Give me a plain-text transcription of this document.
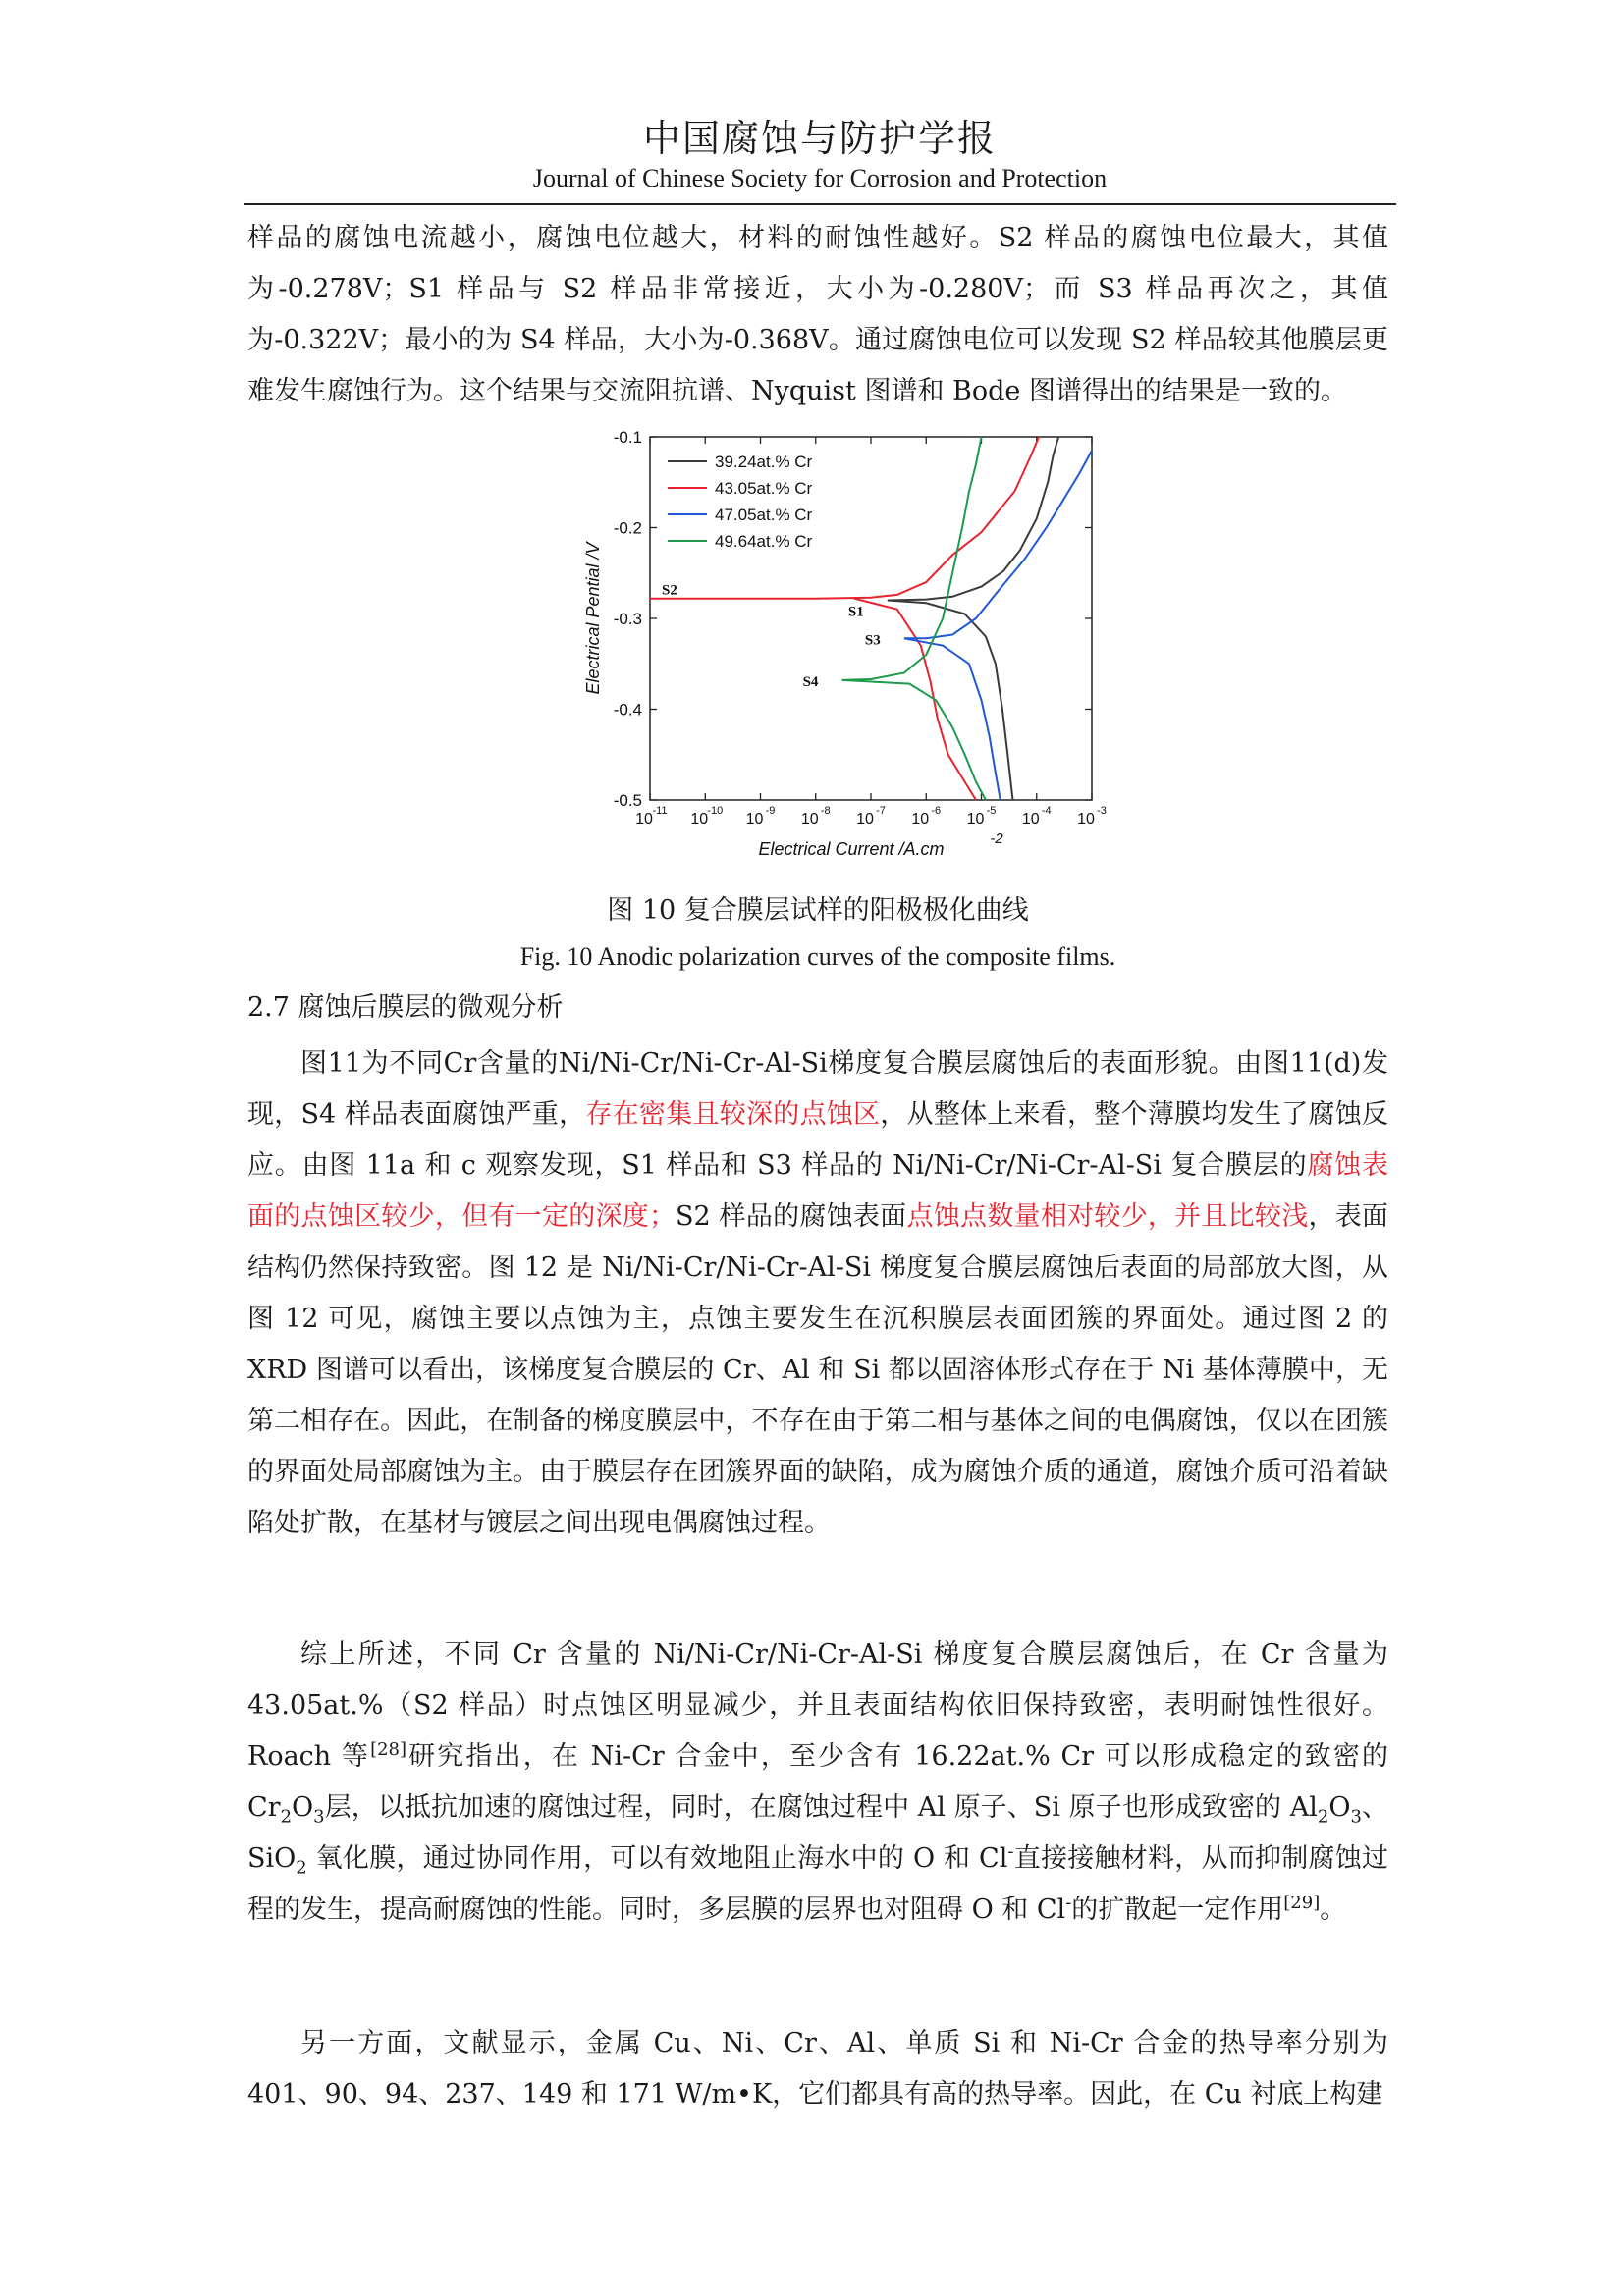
中国腐蚀与防护学报
Journal of Chinese Society for Corrosion and Protection

样品的腐蚀电流越小，腐蚀电位越大，材料的耐蚀性越好。S2 样品的腐蚀电位最大，其值为-0.278V；S1 样品与 S2 样品非常接近，大小为-0.280V；而 S3 样品再次之，其值为-0.322V；最小的为 S4 样品，大小为-0.368V。通过腐蚀电位可以发现 S2 样品较其他膜层更难发生腐蚀行为。这个结果与交流阻抗谱、Nyquist 图谱和 Bode 图谱得出的结果是一致的。

-0.1
-0.2
-0.3
-0.4
-0.5
10 -11 10 -10 10 -9 10 -8 10 -7 10 -6 10 -5 10 -4 10 -3
Electrical Current /A.cm
-2
Electrical Pential /V	S1
S2
S3
S4
39.24at.% Cr
43.05at.% Cr
47.05at.% Cr
49.64at.% Cr
图 10 复合膜层试样的阳极极化曲线
Fig. 10 Anodic polarization curves of the composite films.
2.7 腐蚀后膜层的微观分析

图11为不同Cr含量的Ni/Ni-Cr/Ni-Cr-Al-Si梯度复合膜层腐蚀后的表面形貌。由图11(d)发现，S4 样品表面腐蚀严重，存在密集且较深的点蚀区，从整体上来看，整个薄膜均发生了腐蚀反应。由图 11a 和 c 观察发现，S1 样品和 S3 样品的 Ni/Ni-Cr/Ni-Cr-Al-Si 复合膜层的腐蚀表面的点蚀区较少，但有一定的深度；S2 样品的腐蚀表面点蚀点数量相对较少，并且比较浅，表面结构仍然保持致密。图 12 是 Ni/Ni-Cr/Ni-Cr-Al-Si 梯度复合膜层腐蚀后表面的局部放大图，从图 12 可见，腐蚀主要以点蚀为主，点蚀主要发生在沉积膜层表面团簇的界面处。通过图 2 的 XRD 图谱可以看出，该梯度复合膜层的 Cr、Al 和 Si 都以固溶体形式存在于 Ni 基体薄膜中，无第二相存在。因此，在制备的梯度膜层中，不存在由于第二相与基体之间的电偶腐蚀，仅以在团簇的界面处局部腐蚀为主。由于膜层存在团簇界面的缺陷，成为腐蚀介质的通道，腐蚀介质可沿着缺陷处扩散，在基材与镀层之间出现电偶腐蚀过程。

综上所述，不同 Cr 含量的 Ni/Ni-Cr/Ni-Cr-Al-Si 梯度复合膜层腐蚀后，在 Cr 含量为 43.05at.%（S2 样品）时点蚀区明显减少，并且表面结构依旧保持致密，表明耐蚀性很好。Roach 等[28]研究指出，在 Ni-Cr 合金中，至少含有 16.22at.% Cr 可以形成稳定的致密的 $Cr_2O_3$层，以抵抗加速的腐蚀过程，同时，在腐蚀过程中 Al 原子、Si 原子也形成致密的 $Al_2O_3$、SiO$_2$ 氧化膜，通过协同作用，可以有效地阻止海水中的 O 和 Cl-直接接触材料，从而抑制腐蚀过程的发生，提高耐腐蚀的性能。同时，多层膜的层界也对阻碍 O 和 Cl-的扩散起一定作用[29]。

另一方面，文献显示，金属 Cu、Ni、Cr、Al、单质 Si 和 Ni-Cr 合金的热导率分别为 401、90、94、237、149 和 171 W/m•K，它们都具有高的热导率。因此，在 Cu 衬底上构建
